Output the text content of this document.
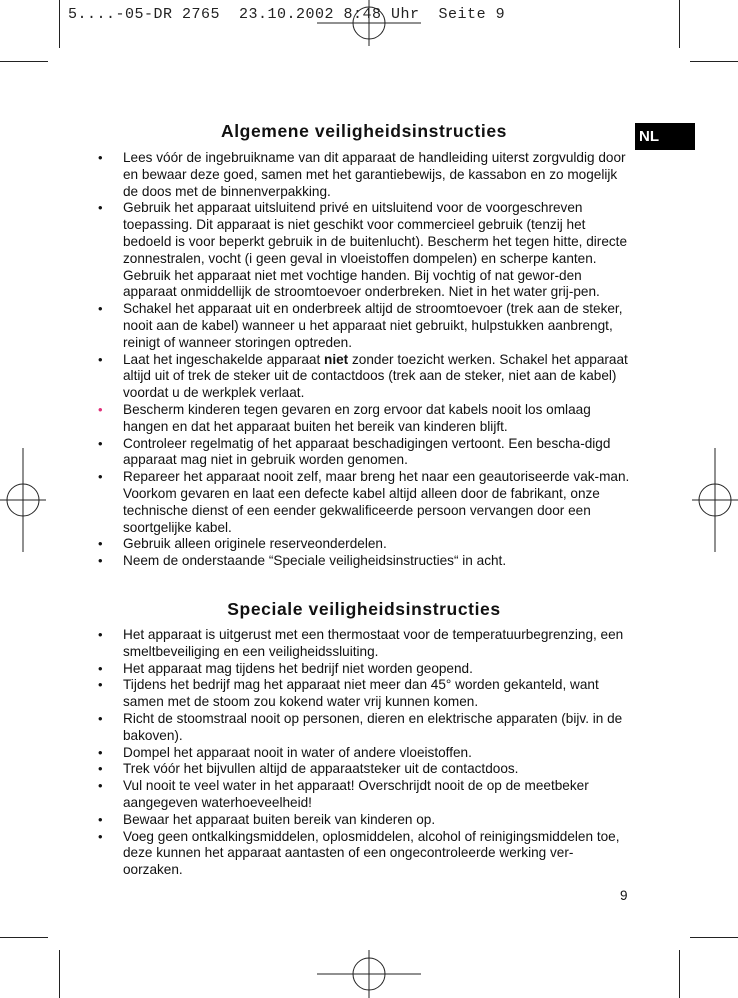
5....-05-DR 2765  23.10.2002 8:48 Uhr  Seite 9
NL
Algemene veiligheidsinstructies
• Lees vóór de ingebruikname van dit apparaat de handleiding uiterst zorgvuldig door en bewaar deze goed, samen met het garantiebewijs, de kassabon en zo mogelijk de doos met de binnenverpakking.
• Gebruik het apparaat uitsluitend privé en uitsluitend voor de voorgeschreven toepassing. Dit apparaat is niet geschikt voor commercieel gebruik (tenzij het bedoeld is voor beperkt gebruik in de buitenlucht). Bescherm het tegen hitte, directe zonnestralen, vocht (i geen geval in vloeistoffen dompelen) en scherpe kanten. Gebruik het apparaat niet met vochtige handen. Bij vochtig of nat gewor-den apparaat onmiddellijk de stroomtoevoer onderbreken. Niet in het water grij-pen.
• Schakel het apparaat uit en onderbreek altijd de stroomtoevoer (trek aan de steker, nooit aan de kabel) wanneer u het apparaat niet gebruikt, hulpstukken aanbrengt, reinigt of wanneer storingen optreden.
• Laat het ingeschakelde apparaat niet zonder toezicht werken. Schakel het apparaat altijd uit of trek de steker uit de contactdoos (trek aan de steker, niet aan de kabel) voordat u de werkplek verlaat.
• Bescherm kinderen tegen gevaren en zorg ervoor dat kabels nooit los omlaag hangen en dat het apparaat buiten het bereik van kinderen blijft.
• Controleer regelmatig of het apparaat beschadigingen vertoont. Een bescha-digd apparaat mag niet in gebruik worden genomen.
• Repareer het apparaat nooit zelf, maar breng het naar een geautoriseerde vak-man. Voorkom gevaren en laat een defecte kabel altijd alleen door de fabrikant, onze technische dienst of een eender gekwalificeerde persoon vervangen door een soortgelijke kabel.
• Gebruik alleen originele reserveonderdelen.
• Neem de onderstaande “Speciale veiligheidsinstructies“ in acht.
Speciale veiligheidsinstructies
• Het apparaat is uitgerust met een thermostaat voor de temperatuurbegrenzing, een smeltbeveiliging en een veiligheidssluiting.
• Het apparaat mag tijdens het bedrijf niet worden geopend.
• Tijdens het bedrijf mag het apparaat niet meer dan 45° worden gekanteld, want samen met de stoom zou kokend water vrij kunnen komen.
• Richt de stoomstraal nooit op personen, dieren en elektrische apparaten (bijv. in de bakoven).
• Dompel het apparaat nooit in water of andere vloeistoffen.
• Trek vóór het bijvullen altijd de apparaatsteker uit de contactdoos.
• Vul nooit te veel water in het apparaat! Overschrijdt nooit de op de meetbeker aangegeven waterhoeveelheid!
• Bewaar het apparaat buiten bereik van kinderen op.
• Voeg geen ontkalkingsmiddelen, oplosmiddelen, alcohol of reinigingsmiddelen toe, deze kunnen het apparaat aantasten of een ongecontroleerde werking ver-oorzaken.
9
